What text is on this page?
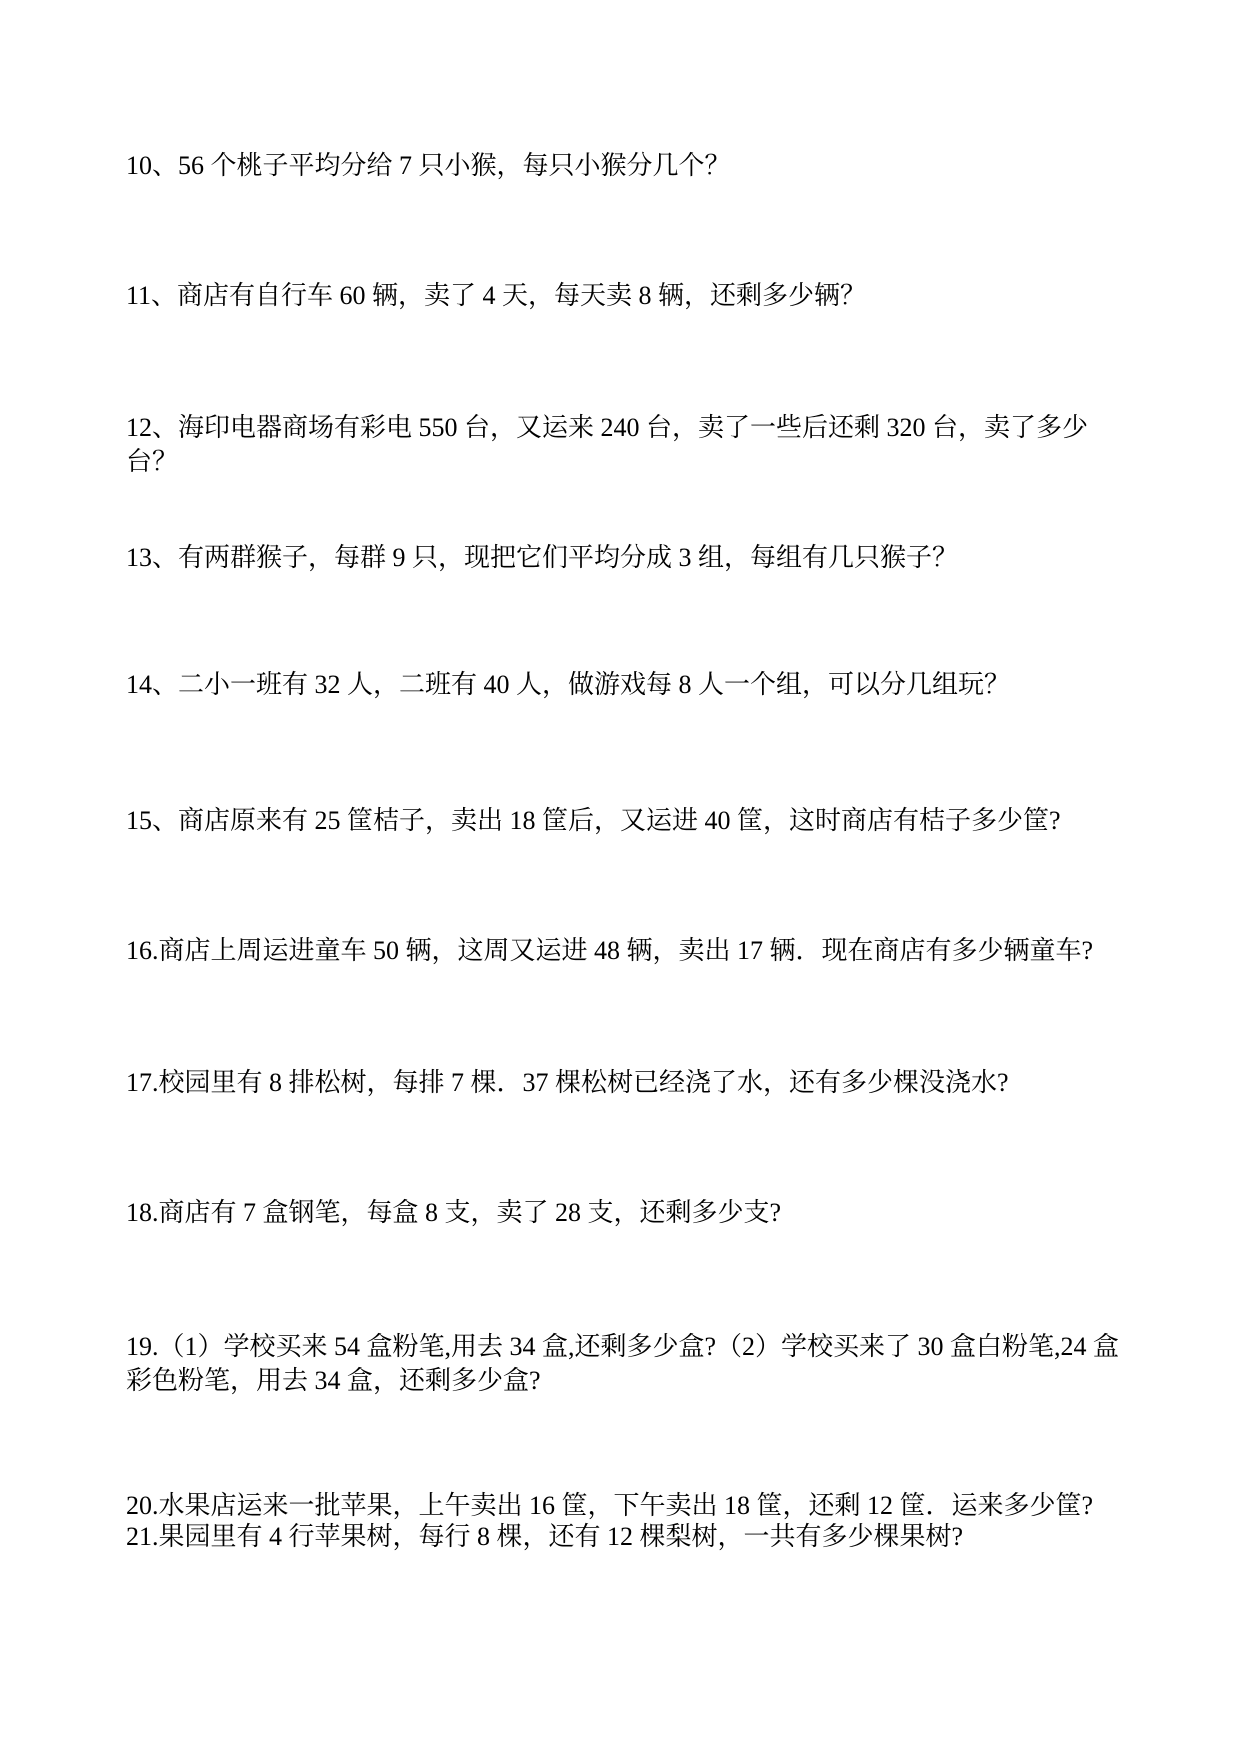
10、56 个桃子平均分给 7 只小猴，每只小猴分几个？
11、商店有自行车 60 辆，卖了 4 天，每天卖 8 辆，还剩多少辆？
12、海印电器商场有彩电 550 台，又运来 240 台，卖了一些后还剩 320 台，卖了多少台？
13、有两群猴子，每群 9 只，现把它们平均分成 3 组，每组有几只猴子？
14、二小一班有 32 人，二班有 40 人，做游戏每 8 人一个组，可以分几组玩？
15、商店原来有 25 筐桔子，卖出 18 筐后，又运进 40 筐，这时商店有桔子多少筐?
16.商店上周运进童车 50 辆，这周又运进 48 辆，卖出 17 辆．现在商店有多少辆童车?
17.校园里有 8 排松树，每排 7 棵．37 棵松树已经浇了水，还有多少棵没浇水?
18.商店有 7 盒钢笔，每盒 8 支，卖了 28 支，还剩多少支?
19.（1）学校买来 54 盒粉笔,用去 34 盒,还剩多少盒?（2）学校买来了 30 盒白粉笔,24 盒彩色粉笔，用去 34 盒，还剩多少盒?
20.水果店运来一批苹果，上午卖出 16 筐，下午卖出 18 筐，还剩 12 筐．运来多少筐?
21.果园里有 4 行苹果树，每行 8 棵，还有 12 棵梨树，一共有多少棵果树?
